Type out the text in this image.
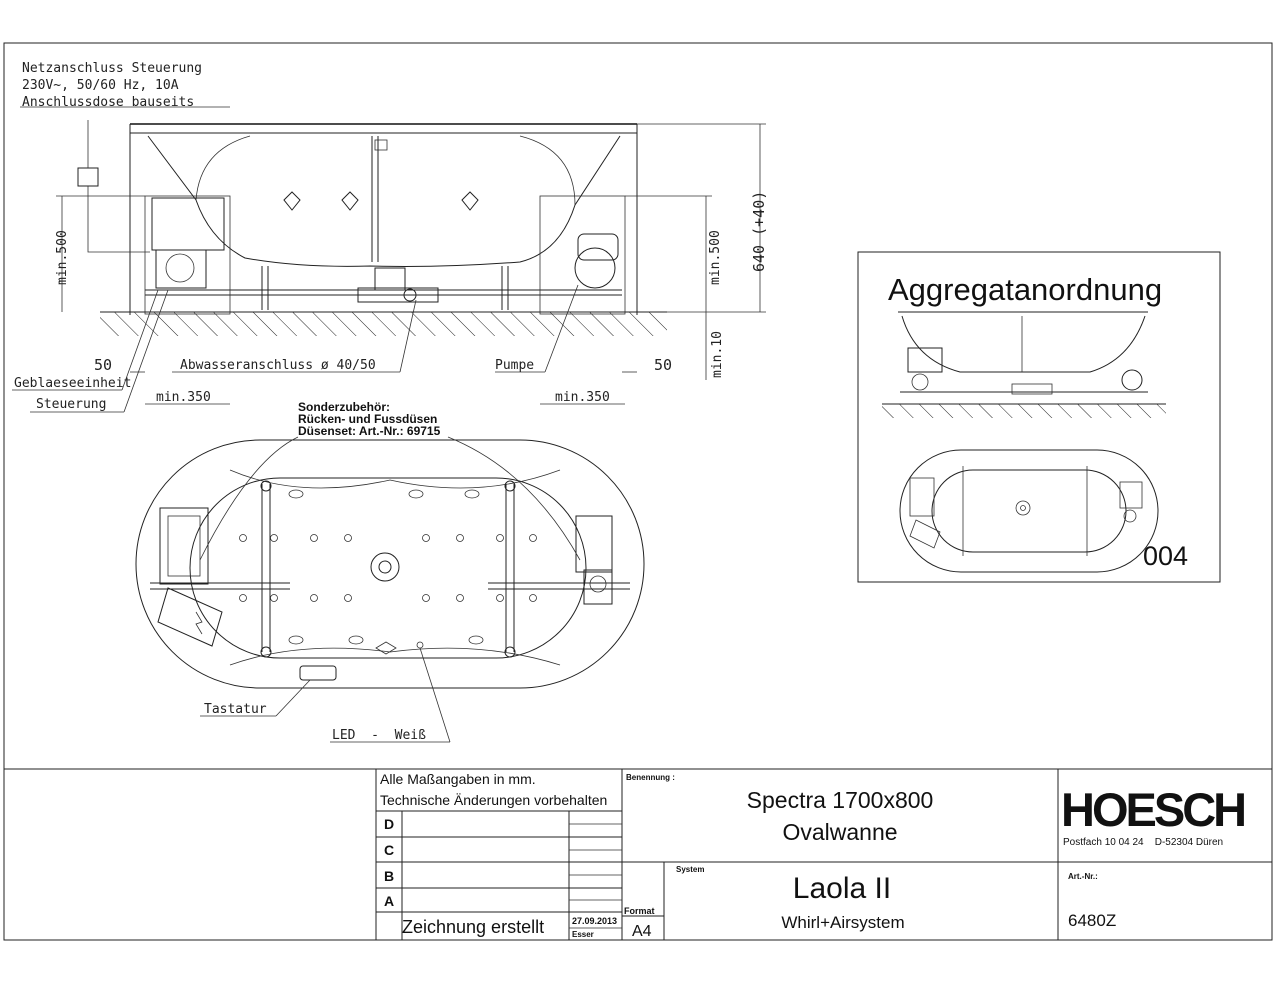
Netzanschluss Steuerung
230V~, 50/60 Hz, 10A
Anschlussdose bauseits
min.500	min.500 640 (+40)
min.10
50	50
Abwasseranschluss ø 40/50	Pumpe
Geblaeseeinheit
Steuerung	min.350	min.350
Sonderzubehör:
Rücken- und Fussdüsen
Düsenset: Art.-Nr.: 69715
Tastatur
LED  -  Weiß
Aggregatanordnung
004
Alle Maßangaben in mm.
Technische Änderungen vorbehalten
D
C
B
A
Zeichnung erstellt	27.09.2013
Esser
Format
A4
Benennung :
Spectra 1700x800
Ovalwanne
System
Laola II
Whirl+Airsystem
HOESCH
Postfach 10 04 24    D-52304 Düren
Art.-Nr.:
6480Z
